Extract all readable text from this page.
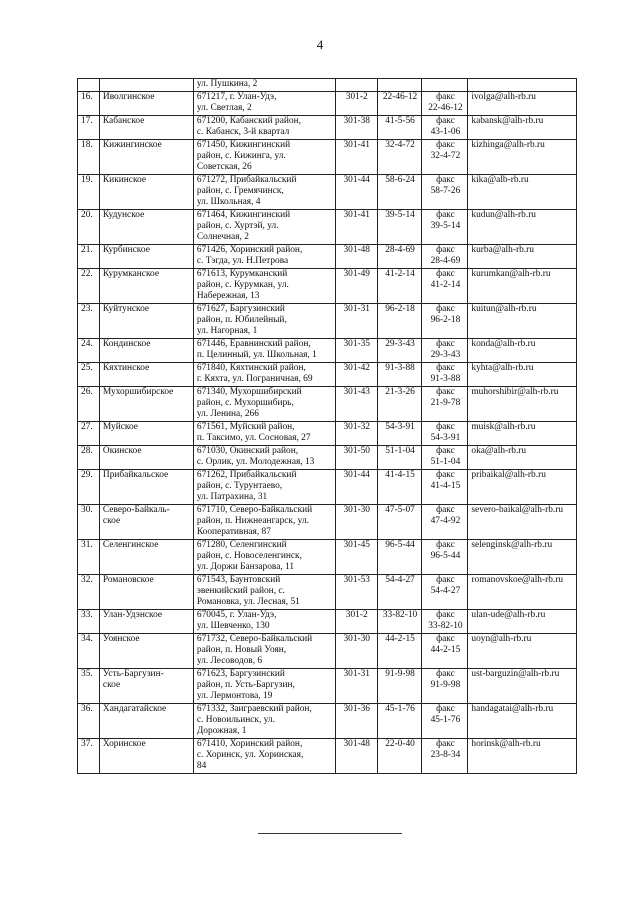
4

		ул. Пушкина, 2				

16.	Иволгинское	671217, г. Улан-Удэ,
ул. Светлая, 2	301-2	22-46-12	факс
22-46-12	ivolga@alh-rb.ru
17.	Кабанское	671200, Кабанский район,
с. Кабанск, 3-й квартал	301-38	41-5-56	факс
43-1-06	kabansk@alh-rb.ru
18.	Кижингинское	671450, Кижингинский
район, с. Кижинга, ул.
Советская, 26	301-41	32-4-72	факс
32-4-72	kizhinga@alh-rb.ru
19.	Кикинское	671272, Прибайкальский
район, с. Гремячинск,
ул. Школьная, 4	301-44	58-6-24	факс
58-7-26	kika@alb-rb.ru
20.	Кудунское	671464, Кижингинский
район, с. Хуртэй, ул.
Солнечная, 2	301-41	39-5-14	факс
39-5-14	kudun@alh-rb.ru
21.	Курбинское	671426, Хоринский район,
с. Тэгда, ул. Н.Петрова	301-48	28-4-69	факс
28-4-69	kurba@alh-rb.ru
22.	Курумканское	671613, Курумканский
район, с. Курумкан, ул.
Набережная, 13	301-49	41-2-14	факс
41-2-14	kurumkan@alh-rb.ru
23.	Куйтунское	671627, Баргузинский
район, п. Юбилейный,
ул. Нагорная, 1	301-31	96-2-18	факс
96-2-18	kuitun@alh-rb.ru
24.	Кондинское	671446, Еравнинский район,
п. Целинный, ул. Школьная, 1	301-35	29-3-43	факс
29-3-43	konda@alh-rb.ru
25.	Кяхтинское	671840, Кяхтинский район,
г. Кяхта, ул. Пограничная, 69	301-42	91-3-88	факс
91-3-88	kyhta@alh-rb.ru
26.	Мухоршибирское	671340, Мухоршибирский
район, с. Мухоршибирь,
ул. Ленина, 266	301-43	21-3-26	факс
21-9-78	muhorshibir@alh-rb.ru
27.	Муйское	671561, Муйский район,
п. Таксимо, ул. Сосновая, 27	301-32	54-3-91	факс
54-3-91	muisk@alh-rb.ru
28.	Окинское	671030, Окинский район,
с. Орлик, ул. Молодежная, 13	301-50	51-1-04	факс
51-1-04	oka@alh-rb.ru
29.	Прибайкальское	671262, Прибайкальский
район, с. Турунтаево,
ул. Патрахина, 31	301-44	41-4-15	факс
41-4-15	pribaikal@alh-rb.ru
30.	Северо-Байкаль-
ское	671710, Северо-Байкальский
район, п. Нижнеангарск, ул.
Кооперативная, 87	301-30	47-5-07	факс
47-4-92	severo-baikal@alh-rb.ru
31.	Селенгинское	671280, Селенгинский
район, с. Новоселенгинск,
ул. Доржи Банзарова, 11	301-45	96-5-44	факс
96-5-44	selenginsk@alh-rb.ru
32.	Романовское	671543, Баунтовский
эвенкийский район, с.
Романовка, ул. Лесная, 51	301-53	54-4-27	факс
54-4-27	romanovskoe@alh-rb.ru
33.	Улан-Удэнское	670045, г. Улан-Удэ,
ул. Шевченко, 130	301-2	33-82-10	факс
33-82-10	ulan-ude@alh-rb.ru
34.	Уоянское	671732, Северо-Байкальский
район, п. Новый Уоян,
ул. Лесоводов, 6	301-30	44-2-15	факс
44-2-15	uoyn@alh-rb.ru
35.	Усть-Баргузин-
ское	671623, Баргузинский
район, п. Усть-Баргузин,
ул. Лермонтова, 19	301-31	91-9-98	факс
91-9-98	ust-barguzin@alh-rb.ru
36.	Хандагатайское	671332, Заиграевский район,
с. Новоильинск, ул.
Дорожная, 1	301-36	45-1-76	факс
45-1-76	handagatai@alh-rb.ru
37.	Хоринское	671410, Хоринский район,
с. Хоринск, ул. Хоринская,
84	301-48	22-0-40	факс
23-8-34	horinsk@alh-rb.ru
